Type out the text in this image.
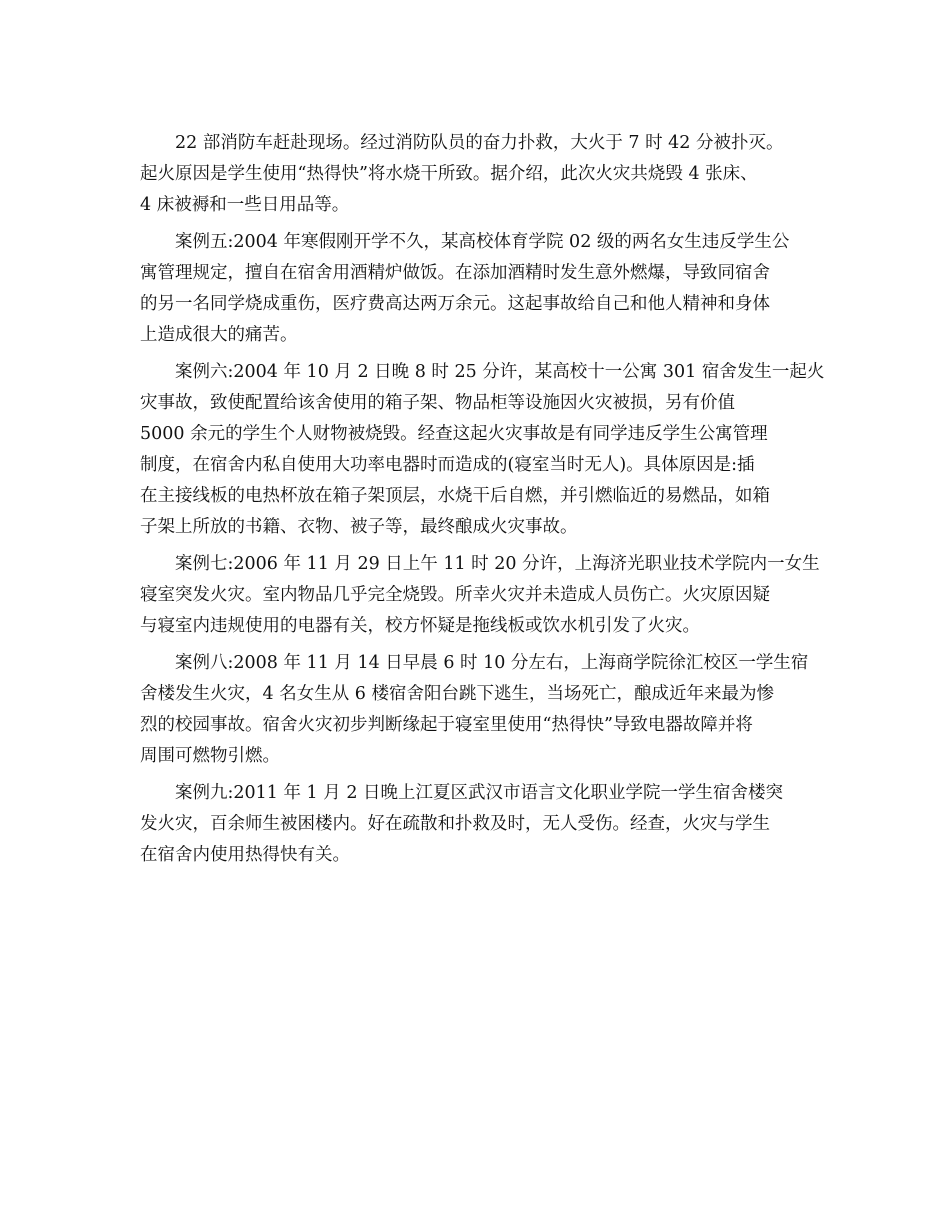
22 部消防车赶赴现场。经过消防队员的奋力扑救，大火于 7 时 42 分被扑灭。
起火原因是学生使用“热得快”将水烧干所致。据介绍，此次火灾共烧毁 4 张床、
4 床被褥和一些日用品等。

案例五:2004 年寒假刚开学不久，某高校体育学院 02 级的两名女生违反学生公
寓管理规定，擅自在宿舍用酒精炉做饭。在添加酒精时发生意外燃爆，导致同宿舍
的另一名同学烧成重伤，医疗费高达两万余元。这起事故给自己和他人精神和身体
上造成很大的痛苦。

案例六:2004 年 10 月 2 日晚 8 时 25 分许，某高校十一公寓 301 宿舍发生一起火
灾事故，致使配置给该舍使用的箱子架、物品柜等设施因火灾被损，另有价值
5000 余元的学生个人财物被烧毁。经查这起火灾事故是有同学违反学生公寓管理
制度，在宿舍内私自使用大功率电器时而造成的(寝室当时无人)。具体原因是:插
在主接线板的电热杯放在箱子架顶层，水烧干后自燃，并引燃临近的易燃品，如箱
子架上所放的书籍、衣物、被子等，最终酿成火灾事故。

案例七:2006 年 11 月 29 日上午 11 时 20 分许，上海济光职业技术学院内一女生
寝室突发火灾。室内物品几乎完全烧毁。所幸火灾并未造成人员伤亡。火灾原因疑
与寝室内违规使用的电器有关，校方怀疑是拖线板或饮水机引发了火灾。

案例八:2008 年 11 月 14 日早晨 6 时 10 分左右，上海商学院徐汇校区一学生宿
舍楼发生火灾，4 名女生从 6 楼宿舍阳台跳下逃生，当场死亡，酿成近年来最为惨
烈的校园事故。宿舍火灾初步判断缘起于寝室里使用“热得快”导致电器故障并将
周围可燃物引燃。

案例九:2011 年 1 月 2 日晚上江夏区武汉市语言文化职业学院一学生宿舍楼突
发火灾，百余师生被困楼内。好在疏散和扑救及时，无人受伤。经查，火灾与学生
在宿舍内使用热得快有关。
